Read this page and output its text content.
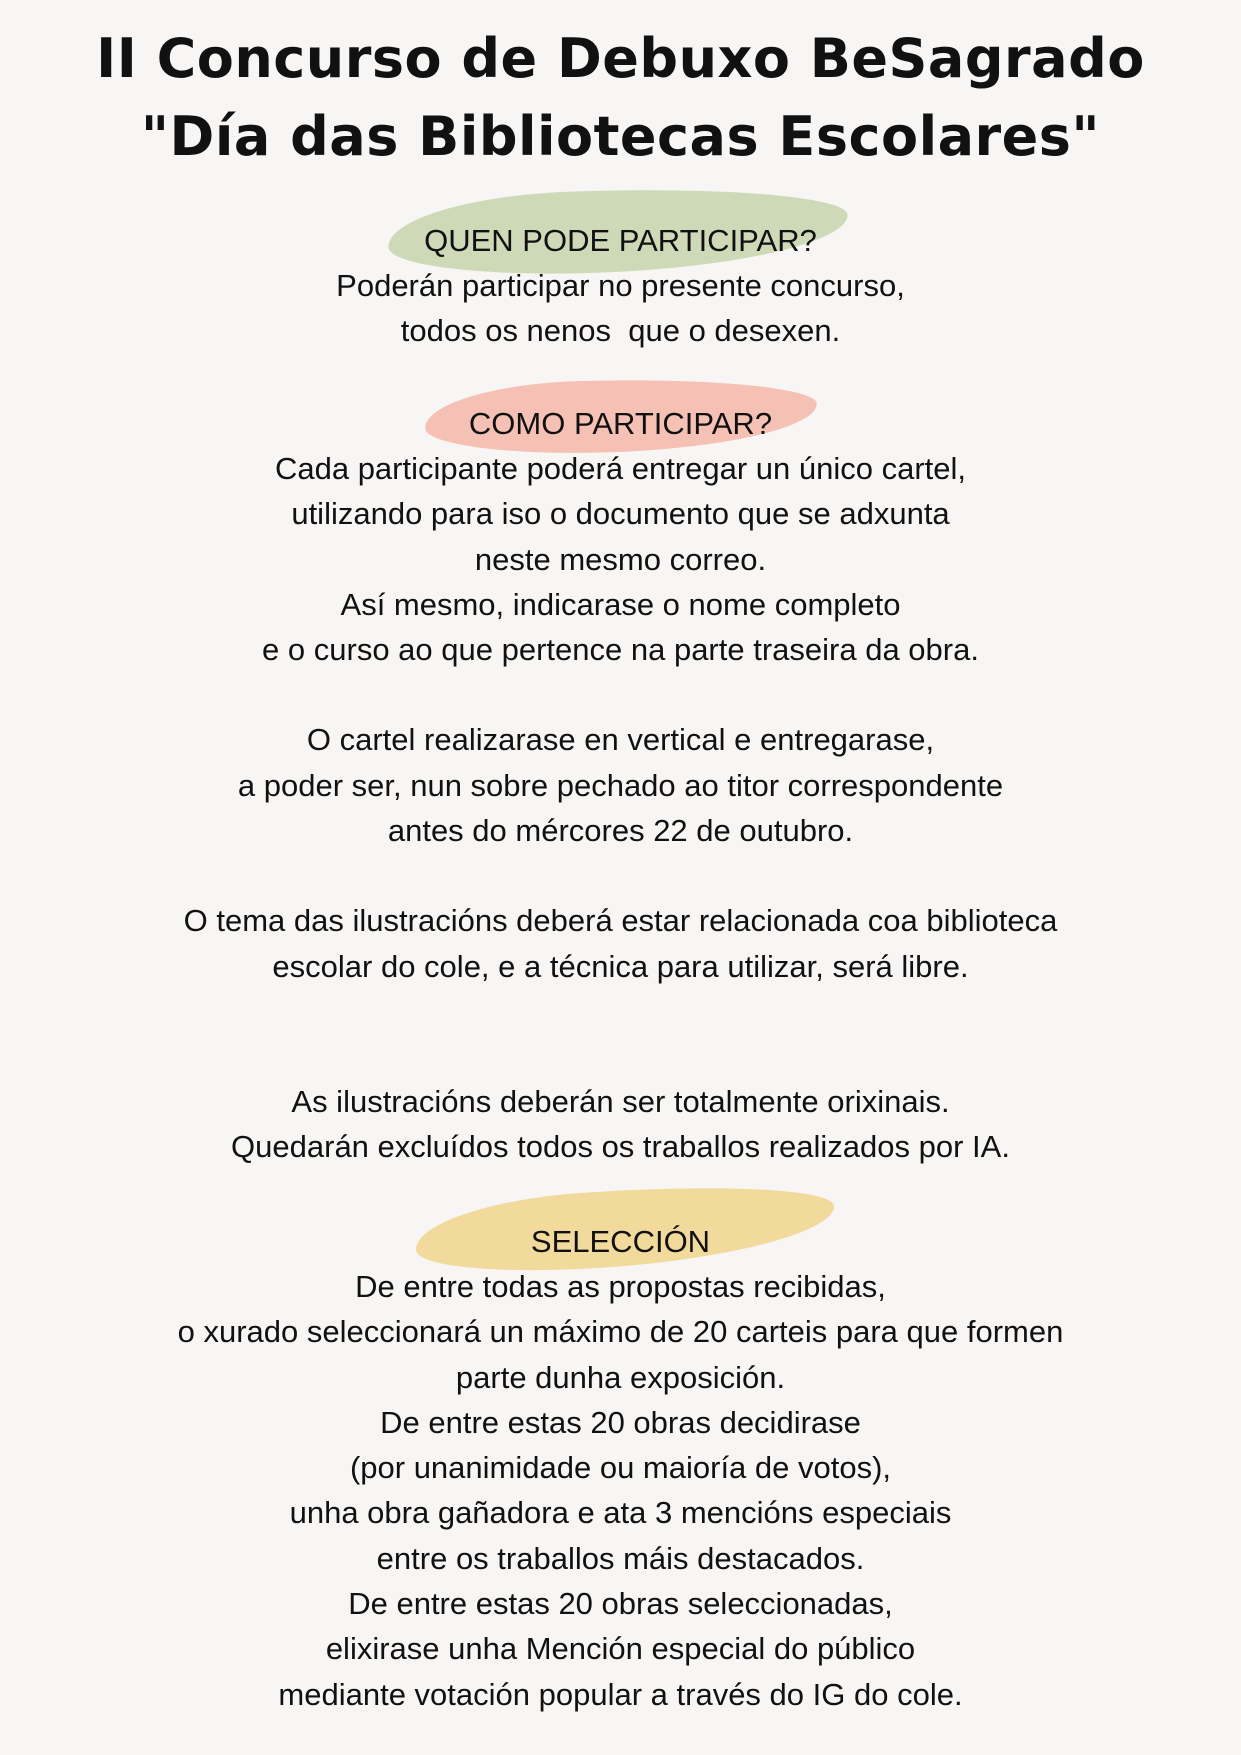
II Concurso de Debuxo BeSagrado
"Día das Bibliotecas Escolares"
QUEN PODE PARTICIPAR?

Poderán participar no presente concurso,
todos os nenos  que o desexen.

COMO PARTICIPAR?

Cada participante poderá entregar un único cartel,
utilizando para iso o documento que se adxunta
neste mesmo correo.
Así mesmo, indicarase o nome completo
e o curso ao que pertence na parte traseira da obra.
O cartel realizarase en vertical e entregarase,
a poder ser, nun sobre pechado ao titor correspondente
antes do mércores 22 de outubro.
O tema das ilustracións deberá estar relacionada coa biblioteca
escolar do cole, e a técnica para utilizar, será libre.
As ilustracións deberán ser totalmente orixinais.
Quedarán excluídos todos os traballos realizados por IA.

SELECCIÓN

De entre todas as propostas recibidas,
o xurado seleccionará un máximo de 20 carteis para que formen
parte dunha exposición.
De entre estas 20 obras decidirase
(por unanimidade ou maioría de votos),
unha obra gañadora e ata 3 mencións especiais
entre os traballos máis destacados.
De entre estas 20 obras seleccionadas,
elixirase unha Mención especial do público
mediante votación popular a través do IG do cole.
